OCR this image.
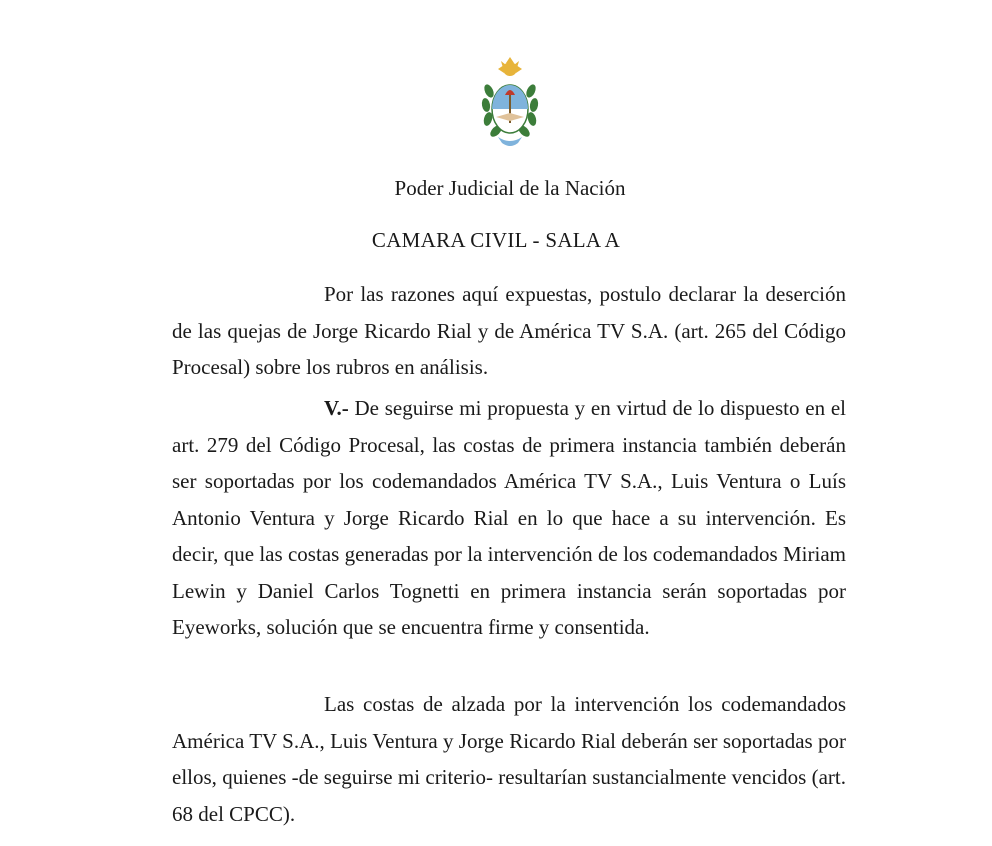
Poder Judicial de la Nación
CAMARA CIVIL - SALA A

Por las razones aquí expuestas, postulo declarar la deserción de las quejas de Jorge Ricardo Rial y de América TV S.A. (art. 265 del Código Procesal) sobre los rubros en análisis.

V.- De seguirse mi propuesta y en virtud de lo dispuesto en el art. 279 del Código Procesal, las costas de primera instancia también deberán ser soportadas por los codemandados América TV S.A., Luis Ventura o Luís Antonio Ventura y Jorge Ricardo Rial en lo que hace a su intervención. Es decir, que las costas generadas por la intervención de los codemandados Miriam Lewin y Daniel Carlos Tognetti en primera instancia serán soportadas por Eyeworks, solución que se encuentra firme y consentida.

Las costas de alzada por la intervención los codemandados América TV S.A., Luis Ventura y Jorge Ricardo Rial deberán ser soportadas por ellos, quienes -de seguirse mi criterio- resultarían sustancialmente vencidos (art. 68 del CPCC).
